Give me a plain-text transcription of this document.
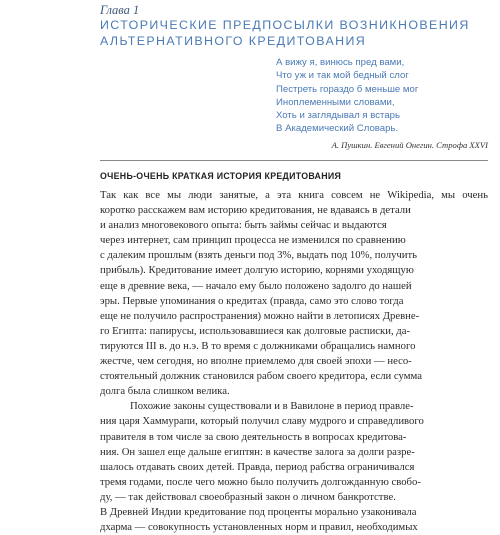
Глава 1
ИСТОРИЧЕСКИЕ ПРЕДПОСЫЛКИ ВОЗНИКНОВЕНИЯ
АЛЬТЕРНАТИВНОГО КРЕДИТОВАНИЯ
А вижу я, винюсь пред вами,
Что уж и так мой бедный слог
Пестреть гораздо б меньше мог
Иноплеменными словами,
Хоть и заглядывал я встарь
В Академический Словарь.
А. Пушкин. Евгений Онегин. Строфа XXVI
ОЧЕНЬ-ОЧЕНЬ КРАТКАЯ ИСТОРИЯ КРЕДИТОВАНИЯ
Так как все мы люди занятые, а эта книга совсем не Wikipedia, мы очень
коротко расскажем вам историю кредитования, не вдаваясь в детали
и анализ многовекового опыта: быть займы сейчас и выдаются
через интернет, сам принцип процесса не изменился по сравнению
с далеким прошлым (взять деньги под 3%, выдать под 10%, получить
прибыль). Кредитование имеет долгую историю, корнями уходящую
еще в древние века, — начало ему было положено задолго до нашей
эры. Первые упоминания о кредитах (правда, само это слово тогда
еще не получило распространения) можно найти в летописях Древне-
го Египта: папирусы, использовавшиеся как долговые расписки, да-
тируются III в. до н.э. В то время с должниками обращались намного
жестче, чем сегодня, но вполне приемлемо для своей эпохи — несо-
стоятельный должник становился рабом своего кредитора, если сумма
долга была слишком велика.
Похожие законы существовали и в Вавилоне в период правле-
ния царя Хаммурапи, который получил славу мудрого и справедливого
правителя в том числе за свою деятельность в вопросах кредитова-
ния. Он зашел еще дальше египтян: в качестве залога за долги разре-
шалось отдавать своих детей. Правда, период рабства ограничивался
тремя годами, после чего можно было получить долгожданную свобо-
ду, — так действовал своеобразный закон о личном банкротстве.
В Древней Индии кредитование под проценты морально узаконивала
дхарма — совокупность установленных норм и правил, необходимых
